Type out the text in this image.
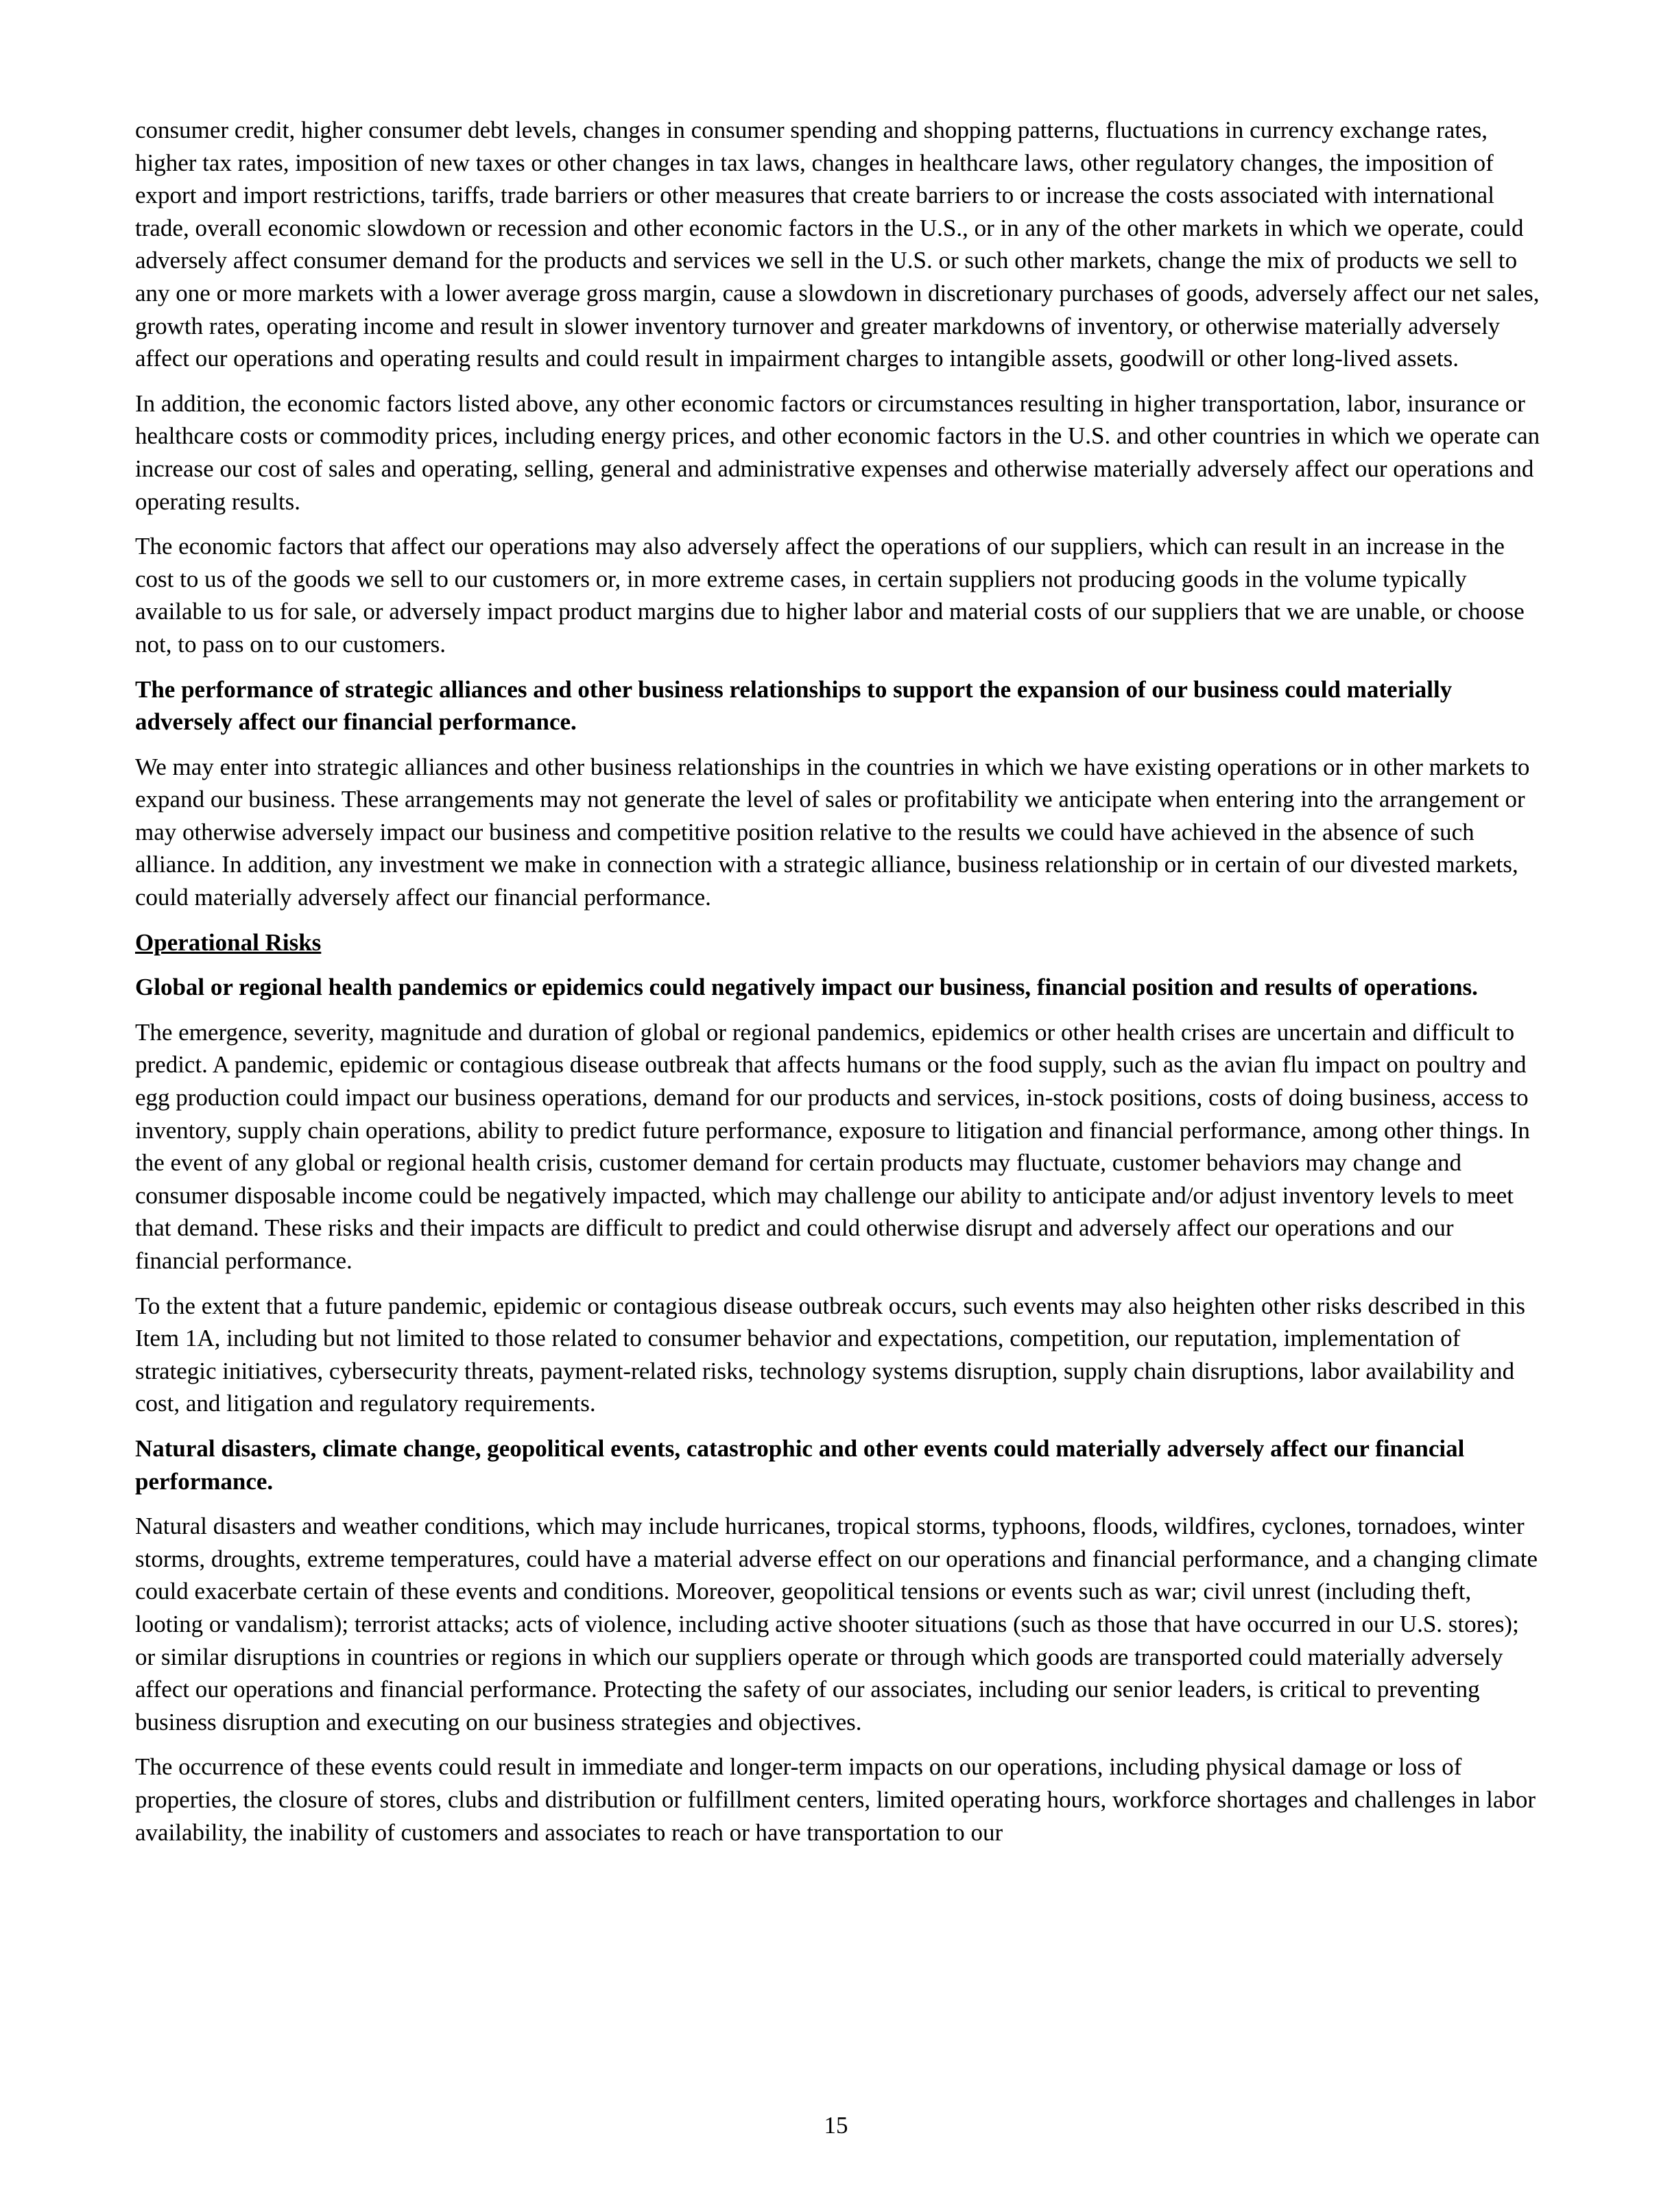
consumer credit, higher consumer debt levels, changes in consumer spending and shopping patterns, fluctuations in currency exchange rates, higher tax rates, imposition of new taxes or other changes in tax laws, changes in healthcare laws, other regulatory changes, the imposition of export and import restrictions, tariffs, trade barriers or other measures that create barriers to or increase the costs associated with international trade, overall economic slowdown or recession and other economic factors in the U.S., or in any of the other markets in which we operate, could adversely affect consumer demand for the products and services we sell in the U.S. or such other markets, change the mix of products we sell to any one or more markets with a lower average gross margin, cause a slowdown in discretionary purchases of goods, adversely affect our net sales, growth rates, operating income and result in slower inventory turnover and greater markdowns of inventory, or otherwise materially adversely affect our operations and operating results and could result in impairment charges to intangible assets, goodwill or other long-lived assets.

In addition, the economic factors listed above, any other economic factors or circumstances resulting in higher transportation, labor, insurance or healthcare costs or commodity prices, including energy prices, and other economic factors in the U.S. and other countries in which we operate can increase our cost of sales and operating, selling, general and administrative expenses and otherwise materially adversely affect our operations and operating results.

The economic factors that affect our operations may also adversely affect the operations of our suppliers, which can result in an increase in the cost to us of the goods we sell to our customers or, in more extreme cases, in certain suppliers not producing goods in the volume typically available to us for sale, or adversely impact product margins due to higher labor and material costs of our suppliers that we are unable, or choose not, to pass on to our customers.

The performance of strategic alliances and other business relationships to support the expansion of our business could materially adversely affect our financial performance.

We may enter into strategic alliances and other business relationships in the countries in which we have existing operations or in other markets to expand our business. These arrangements may not generate the level of sales or profitability we anticipate when entering into the arrangement or may otherwise adversely impact our business and competitive position relative to the results we could have achieved in the absence of such alliance. In addition, any investment we make in connection with a strategic alliance, business relationship or in certain of our divested markets, could materially adversely affect our financial performance.

Operational Risks

Global or regional health pandemics or epidemics could negatively impact our business, financial position and results of operations.

The emergence, severity, magnitude and duration of global or regional pandemics, epidemics or other health crises are uncertain and difficult to predict. A pandemic, epidemic or contagious disease outbreak that affects humans or the food supply, such as the avian flu impact on poultry and egg production could impact our business operations, demand for our products and services, in-stock positions, costs of doing business, access to inventory, supply chain operations, ability to predict future performance, exposure to litigation and financial performance, among other things. In the event of any global or regional health crisis, customer demand for certain products may fluctuate, customer behaviors may change and consumer disposable income could be negatively impacted, which may challenge our ability to anticipate and/or adjust inventory levels to meet that demand. These risks and their impacts are difficult to predict and could otherwise disrupt and adversely affect our operations and our financial performance.

To the extent that a future pandemic, epidemic or contagious disease outbreak occurs, such events may also heighten other risks described in this Item 1A, including but not limited to those related to consumer behavior and expectations, competition, our reputation, implementation of strategic initiatives, cybersecurity threats, payment-related risks, technology systems disruption, supply chain disruptions, labor availability and cost, and litigation and regulatory requirements.

Natural disasters, climate change, geopolitical events, catastrophic and other events could materially adversely affect our financial performance.

Natural disasters and weather conditions, which may include hurricanes, tropical storms, typhoons, floods, wildfires, cyclones, tornadoes, winter storms, droughts, extreme temperatures, could have a material adverse effect on our operations and financial performance, and a changing climate could exacerbate certain of these events and conditions. Moreover, geopolitical tensions or events such as war; civil unrest (including theft, looting or vandalism); terrorist attacks; acts of violence, including active shooter situations (such as those that have occurred in our U.S. stores); or similar disruptions in countries or regions in which our suppliers operate or through which goods are transported could materially adversely affect our operations and financial performance. Protecting the safety of our associates, including our senior leaders, is critical to preventing business disruption and executing on our business strategies and objectives.

The occurrence of these events could result in immediate and longer-term impacts on our operations, including physical damage or loss of properties, the closure of stores, clubs and distribution or fulfillment centers, limited operating hours, workforce shortages and challenges in labor availability, the inability of customers and associates to reach or have transportation to our

15
